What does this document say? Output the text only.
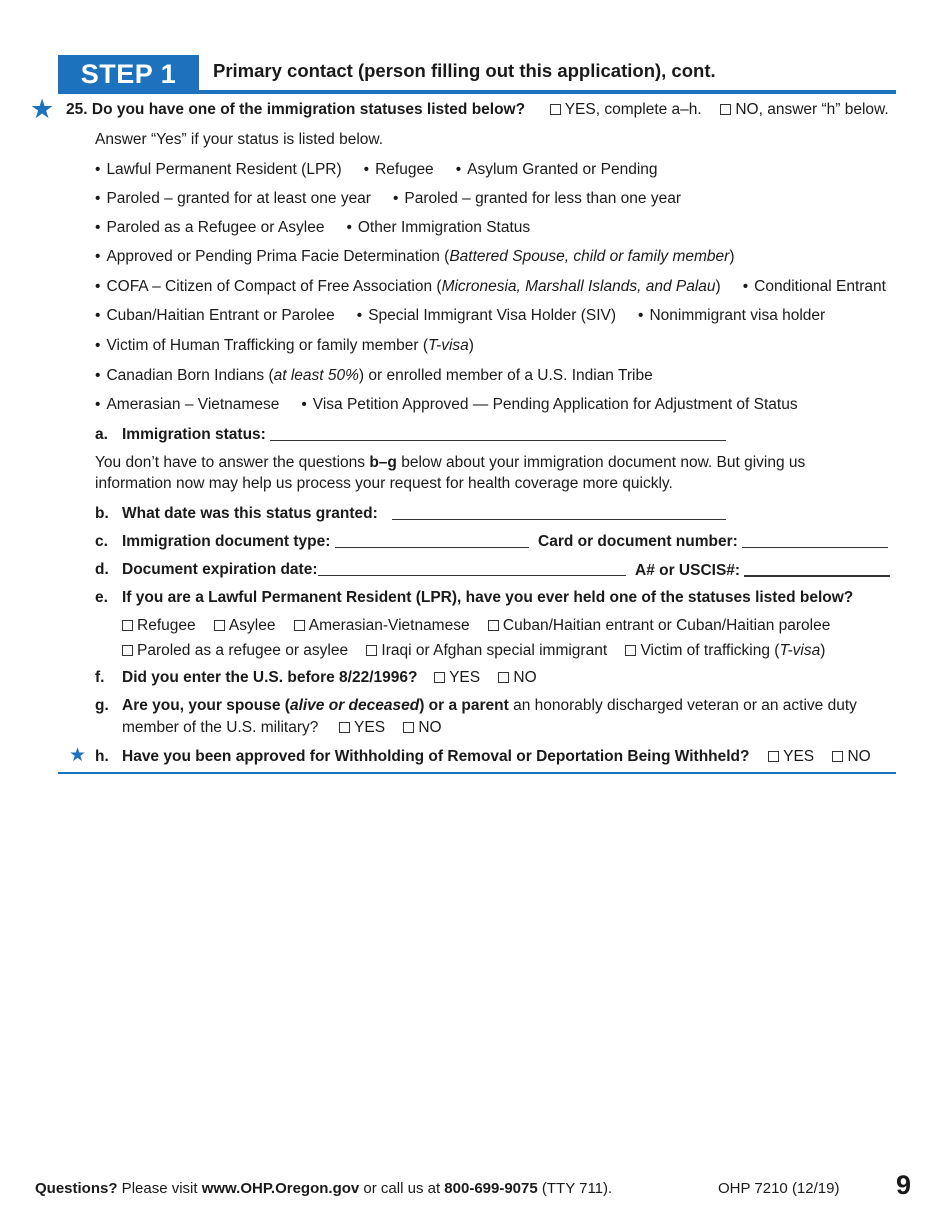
STEP 1	Primary contact (person filling out this application), cont.
★ 25. Do you have one of the immigration statuses listed below?	YES, complete a–h. NO, answer “h” below.
Answer “Yes” if your status is listed below.
• Lawful Permanent Resident (LPR) • Refugee • Asylum Granted or Pending
• Paroled – granted for at least one year • Paroled – granted for less than one year
• Paroled as a Refugee or Asylee • Other Immigration Status
• Approved or Pending Prima Facie Determination (Battered Spouse, child or family member)
• COFA – Citizen of Compact of Free Association (Micronesia, Marshall Islands, and Palau) • Conditional Entrant
• Cuban/Haitian Entrant or Parolee • Special Immigrant Visa Holder (SIV) • Nonimmigrant visa holder
• Victim of Human Trafficking or family member (T-visa)
• Canadian Born Indians (at least 50%) or enrolled member of a U.S. Indian Tribe
• Amerasian – Vietnamese • Visa Petition Approved — Pending Application for Adjustment of Status
a. Immigration status:
You don’t have to answer the questions b–g below about your immigration document now. But giving us
information now may help us process your request for health coverage more quickly.
b. What date was this status granted:
c. Immigration document type:	Card or document number:
d. Document expiration date:	A# or USCIS#:
e. If you are a Lawful Permanent Resident (LPR), have you ever held one of the statuses listed below?
Refugee Asylee Amerasian-Vietnamese Cuban/Haitian entrant or Cuban/Haitian parolee
Paroled as a refugee or asylee Iraqi or Afghan special immigrant Victim of trafficking (T-visa)
f. Did you enter the U.S. before 8/22/1996? YES NO
g. Are you, your spouse (alive or deceased) or a parent an honorably discharged veteran or an active duty
member of the U.S. military? YES NO
★ h. Have you been approved for Withholding of Removal or Deportation Being Withheld? YES NO
Questions? Please visit www.OHP.Oregon.gov or call us at 800-699-9075 (TTY 711).	OHP 7210 (12/19) 9
